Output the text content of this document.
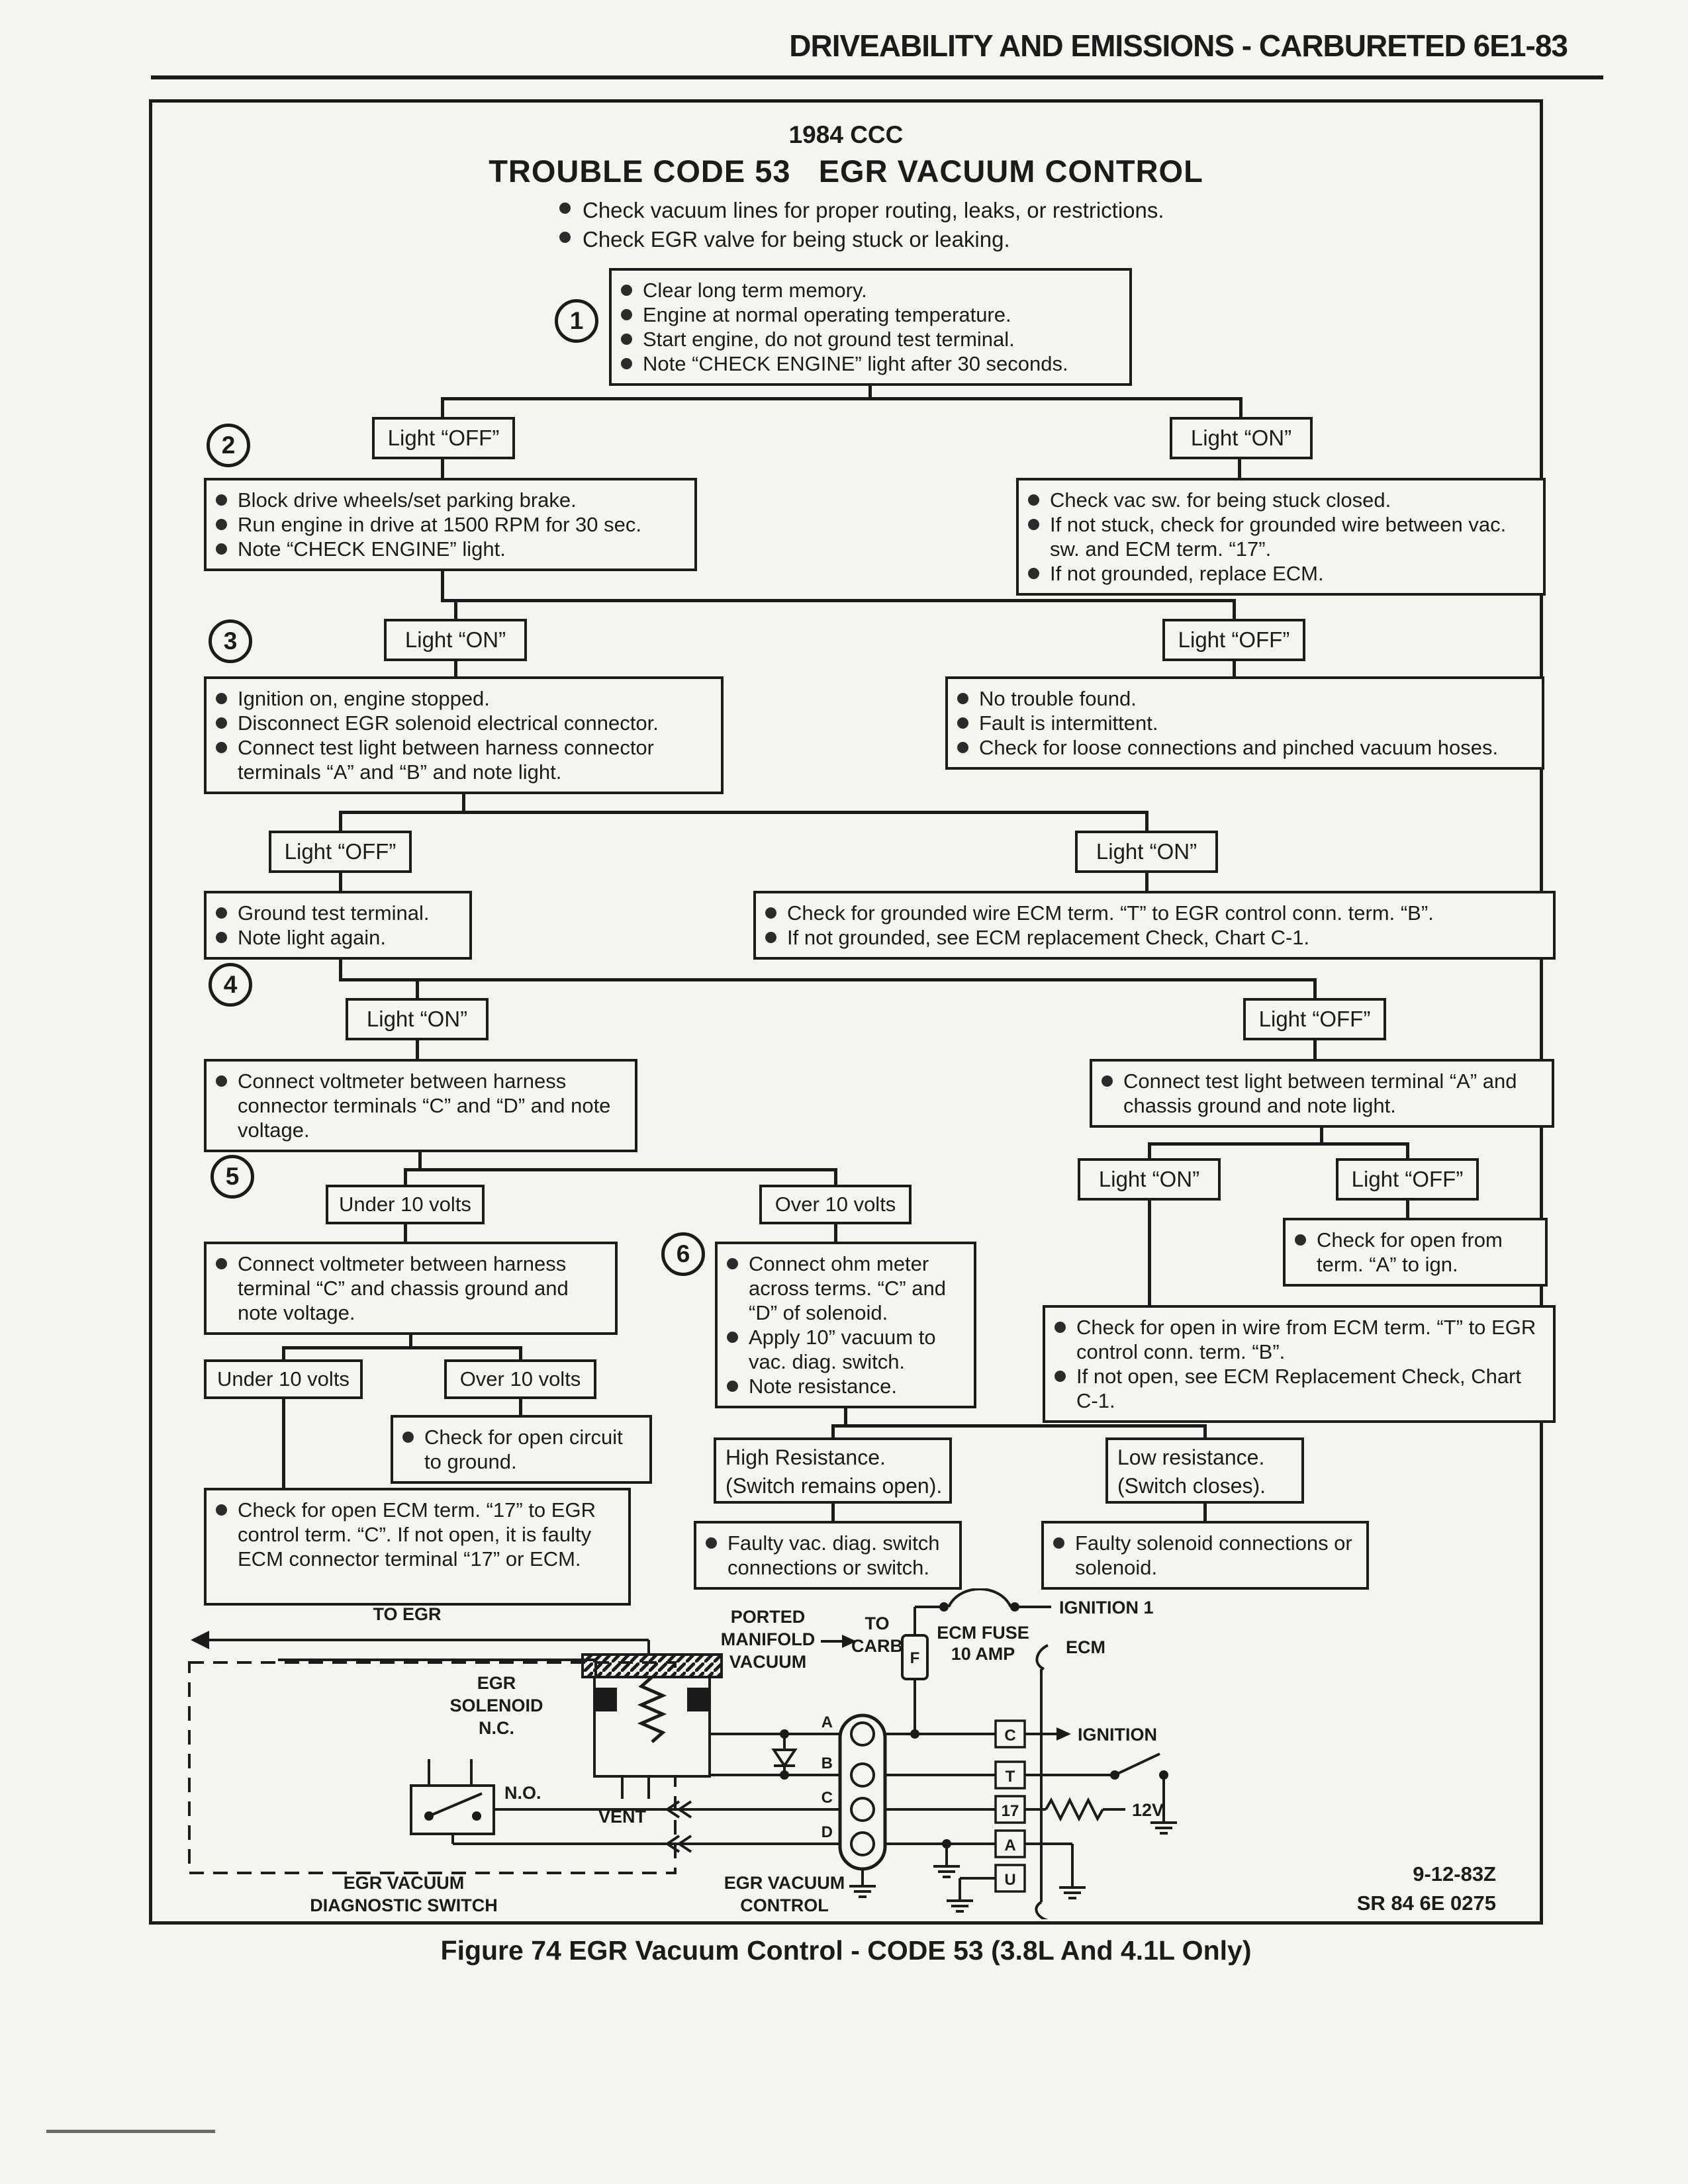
DRIVEABILITY AND EMISSIONS - CARBURETED 6E1-83
1984 CCC
TROUBLE CODE 53   EGR VACUUM CONTROL
Check vacuum lines for proper routing, leaks, or restrictions.
Check EGR valve for being stuck or leaking.
1
2
3
4
5
6
Clear long term memory.
Engine at normal operating temperature.
Start engine, do not ground test terminal.
Note “CHECK ENGINE” light after 30 seconds.
Light “OFF”	Light “ON”
Block drive wheels/set parking brake.
Run engine in drive at 1500 RPM for 30 sec.
Note “CHECK ENGINE” light.
Check vac sw. for being stuck closed.
If not stuck, check for grounded wire between vac. sw. and ECM term. “17”.
If not grounded, replace ECM.
Light “ON”	Light “OFF”
Ignition on, engine stopped.
Disconnect EGR solenoid electrical connector.
Connect test light between harness connector terminals “A” and “B” and note light.
No trouble found.
Fault is intermittent.
Check for loose connections and pinched vacuum hoses.
Light “OFF”	Light “ON”
Ground test terminal.
Note light again.
Check for grounded wire ECM term. “T” to EGR control conn. term. “B”.
If not grounded, see ECM replacement Check, Chart C-1.
Light “ON”	Light “OFF”
Connect voltmeter between harness connector terminals “C” and “D” and note voltage.
Connect test light between terminal “A” and chassis ground and note light.
Under 10 volts	Over 10 volts
Light “ON”	Light “OFF”
Connect voltmeter between harness terminal “C” and chassis ground and note voltage.
Connect ohm meter across terms. “C” and “D” of solenoid.
Apply 10” vacuum to vac. diag. switch.
Note resistance.
Check for open from term. “A” to ign.
Check for open in wire from ECM term. “T” to EGR control conn. term. “B”.
If not open, see ECM Replacement Check, Chart C-1.
Under 10 volts	Over 10 volts
Check for open circuit to ground.
Check for open ECM term. “17” to EGR control term. “C”. If not open, it is faulty ECM connector terminal “17” or ECM.
High Resistance.
(Switch remains open).
Low resistance.
(Switch closes).
Faulty vac. diag. switch connections or switch.
Faulty solenoid connections or solenoid.
TO EGR	PORTED
MANIFOLD
VACUUM
TO
CARB
EGR
SOLENOID
N.C.
VENT
N.O.
EGR VACUUM
DIAGNOSTIC SWITCH
EGR VACUUM
CONTROL
A
B
C
D
F
ECM FUSE
10 AMP
IGNITION 1
ECM
C
T
17
A
U
IGNITION
12V
9-12-83Z
SR 84 6E 0275
Figure 74 EGR Vacuum Control - CODE 53 (3.8L And 4.1L Only)
